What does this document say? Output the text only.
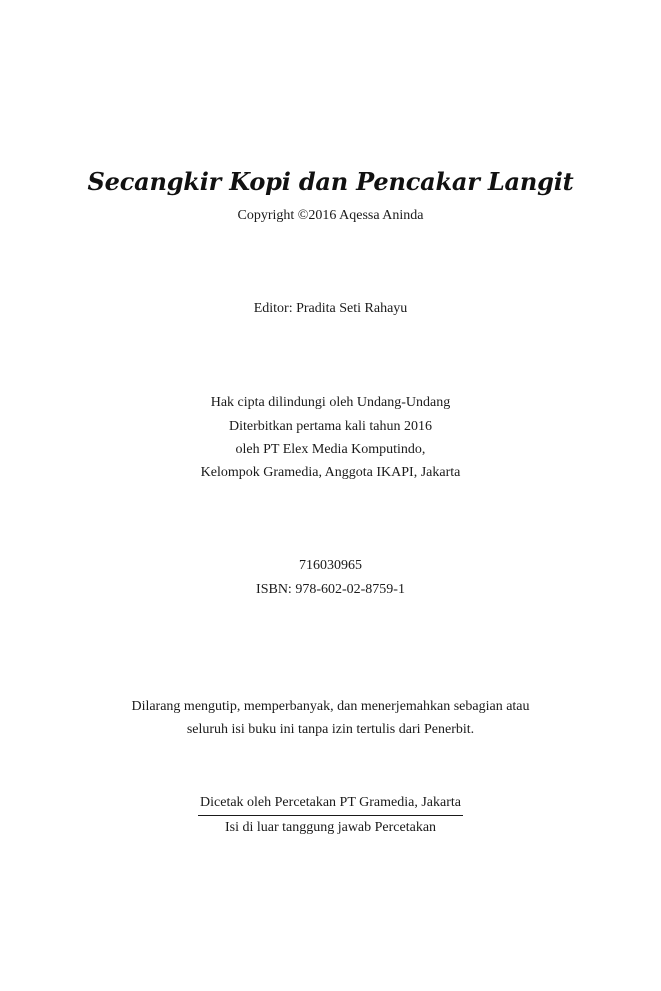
Secangkir Kopi dan Pencakar Langit
Copyright ©2016 Aqessa Aninda
Editor: Pradita Seti Rahayu
Hak cipta dilindungi oleh Undang-Undang
Diterbitkan pertama kali tahun 2016
oleh PT Elex Media Komputindo,
Kelompok Gramedia, Anggota IKAPI, Jakarta
716030965
ISBN: 978-602-02-8759-1
Dilarang mengutip, memperbanyak, dan menerjemahkan sebagian atau
seluruh isi buku ini tanpa izin tertulis dari Penerbit.
Dicetak oleh Percetakan PT Gramedia, Jakarta
Isi di luar tanggung jawab Percetakan
